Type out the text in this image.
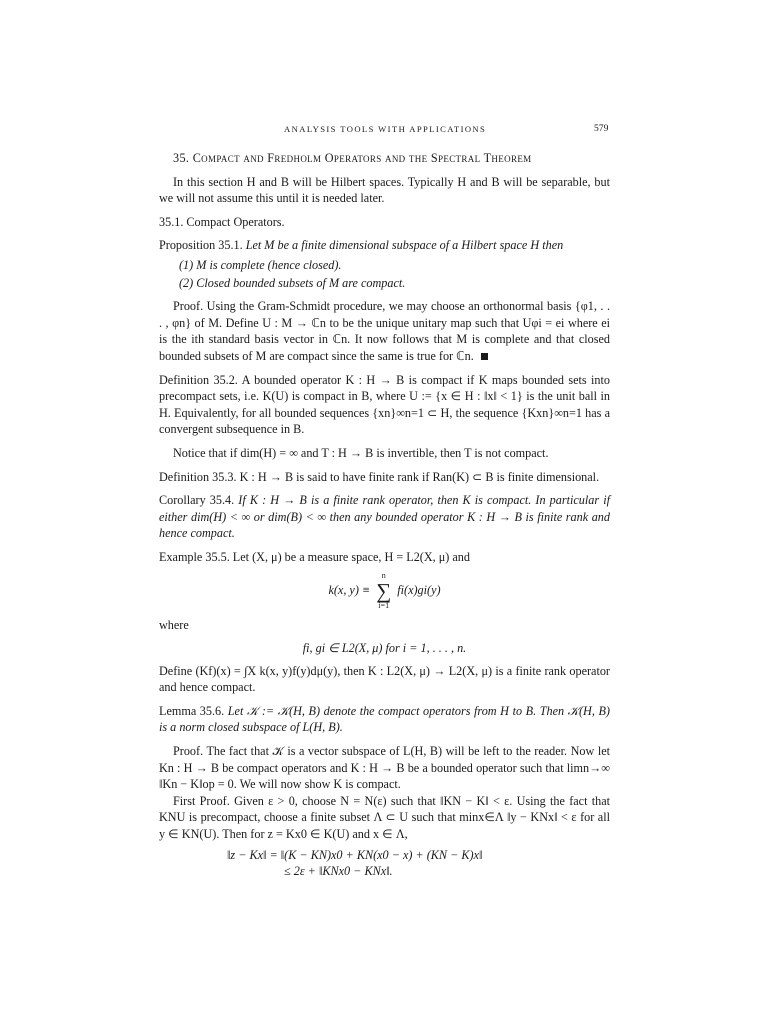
ANALYSIS TOOLS WITH APPLICATIONS	579
35. Compact and Fredholm Operators and the Spectral Theorem

In this section H and B will be Hilbert spaces. Typically H and B will be separable, but we will not assume this until it is needed later.

35.1. Compact Operators.

Proposition 35.1. Let M be a finite dimensional subspace of a Hilbert space H then

(1) M is complete (hence closed).
(2) Closed bounded subsets of M are compact.

Proof. Using the Gram-Schmidt procedure, we may choose an orthonormal basis {φ1, . . . , φn} of M. Define U : M → ℂn to be the unique unitary map such that Uφi = ei where ei is the ith standard basis vector in ℂn. It now follows that M is complete and that closed bounded subsets of M are compact since the same is true for ℂn.

Definition 35.2. A bounded operator K : H → B is compact if K maps bounded sets into precompact sets, i.e. K(U) is compact in B, where U := {x ∈ H : ‖x‖ < 1} is the unit ball in H. Equivalently, for all bounded sequences {xn}∞n=1 ⊂ H, the sequence {Kxn}∞n=1 has a convergent subsequence in B.

Notice that if dim(H) = ∞ and T : H → B is invertible, then T is not compact.

Definition 35.3. K : H → B is said to have finite rank if Ran(K) ⊂ B is finite dimensional.

Corollary 35.4. If K : H → B is a finite rank operator, then K is compact. In particular if either dim(H) < ∞ or dim(B) < ∞ then any bounded operator K : H → B is finite rank and hence compact.

Example 35.5. Let (X, μ) be a measure space, H = L2(X, μ) and

k(x, y) ≡
n
∑
i=1
fi(x)gi(y)

where

fi, gi ∈ L2(X, μ) for i = 1, . . . , n.

Define (Kf)(x) = ∫X k(x, y)f(y)dμ(y), then K : L2(X, μ) → L2(X, μ) is a finite rank operator and hence compact.

Lemma 35.6. Let 𝒦 := 𝒦(H, B) denote the compact operators from H to B. Then 𝒦(H, B) is a norm closed subspace of L(H, B).

Proof. The fact that 𝒦 is a vector subspace of L(H, B) will be left to the reader. Now let Kn : H → B be compact operators and K : H → B be a bounded operator such that limn→∞ ‖Kn − K‖op = 0. We will now show K is compact.

First Proof. Given ε > 0, choose N = N(ε) such that ‖KN − K‖ < ε. Using the fact that KNU is precompact, choose a finite subset Λ ⊂ U such that minx∈Λ ‖y − KNx‖ < ε for all y ∈ KN(U). Then for z = Kx0 ∈ K(U) and x ∈ Λ,

‖z − Kx‖ = ‖(K − KN)x0 + KN(x0 − x) + (KN − K)x‖
≤ 2ε + ‖KNx0 − KNx‖.
